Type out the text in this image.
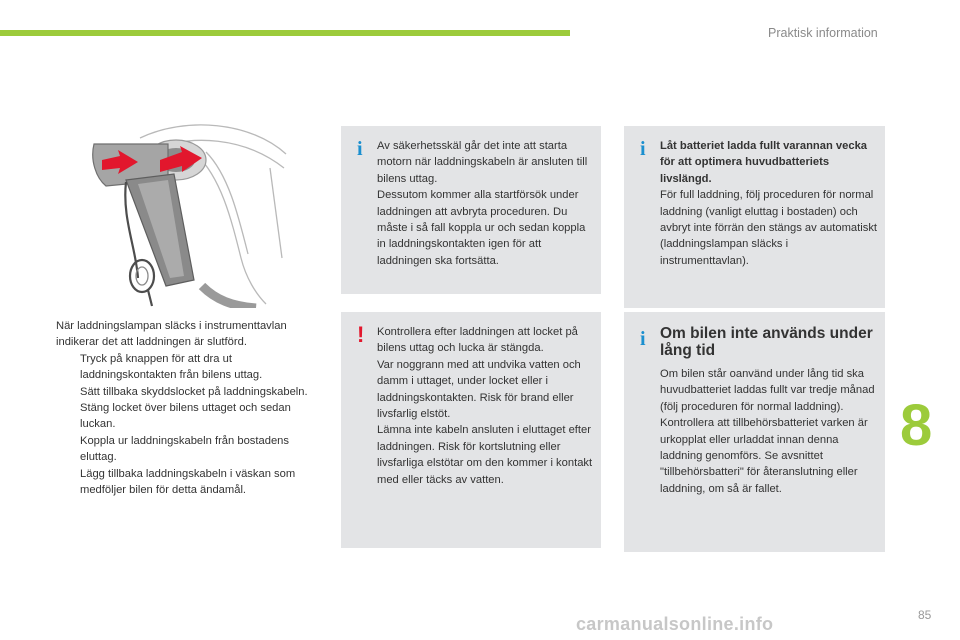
Praktisk information

När laddningslampan släcks i instrumenttavlan indikerar det att laddningen är slutförd.

Tryck på knappen för att dra ut laddningskontakten från bilens uttag.
Sätt tillbaka skyddslocket på laddningskabeln.
Stäng locket över bilens uttaget och sedan luckan.
Koppla ur laddningskabeln från bostadens eluttag.
Lägg tillbaka laddningskabeln i väskan som medföljer bilen för detta ändamål.
i Av säkerhetsskäl går det inte att starta motorn när laddningskabeln är ansluten till bilens uttag.

Dessutom kommer alla startförsök under laddningen att avbryta proceduren. Du måste i så fall koppla ur och sedan koppla in laddningskontakten igen för att laddningen ska fortsätta.

i Låt batteriet ladda fullt varannan vecka för att optimera huvudbatteriets livslängd.

För full laddning, följ proceduren för normal laddning (vanligt eluttag i bostaden) och avbryt inte förrän den stängs av automatiskt (laddningslampan släcks i instrumenttavlan).

! Kontrollera efter laddningen att locket på bilens uttag och lucka är stängda.

Var noggrann med att undvika vatten och damm i uttaget, under locket eller i laddningskontakten. Risk för brand eller livsfarlig elstöt.

Lämna inte kabeln ansluten i eluttaget efter laddningen. Risk för kortslutning eller livsfarliga elstötar om den kommer i kontakt med eller täcks av vatten.

i Om bilen inte används under lång tid

Om bilen står oanvänd under lång tid ska huvudbatteriet laddas fullt var tredje månad (följ proceduren för normal laddning).

Kontrollera att tillbehörsbatteriet varken är urkopplat eller urladdat innan denna laddning genomförs. Se avsnittet "tillbehörsbatteri" för återanslutning eller laddning, om så är fallet.

8
carmanualsonline.info	85
